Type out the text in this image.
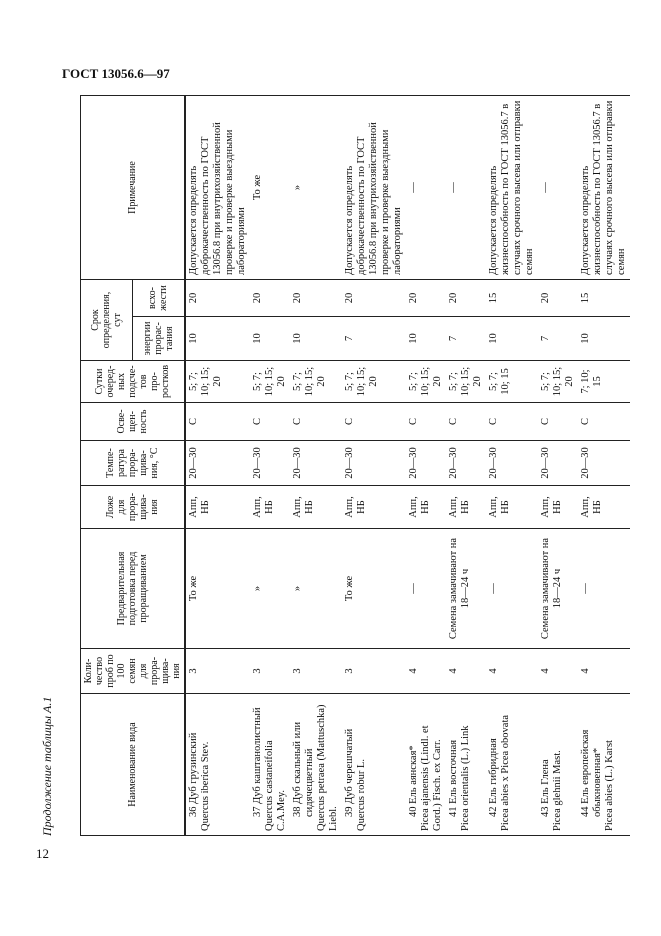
ГОСТ 13056.6—97
Продолжение таблицы А.1
12
Наименование вида	Коли-чество проб по 100 семян для прора-щива-ния	Предварительная подготовка перед проращиванием	Ложе для прора-щива-ния	Темпе-ратура прора-щива-ния, °С	Осве-щен-ность	Сутки очеред-ных подсче-тов про-ростков	Срок определения, сут		Примечание
							энергии прорас-тания	всхо-жести	

36 Дуб грузинский Quercus iberica Stev.	3	То же	Апп, НБ	20—30	С	5; 7; 10; 15; 20	10	20	Допускается определять доброкачественность по ГОСТ 13056.8 при внутрихозяйственной проверке и проверке выездными лабораториями

37 Дуб каштанолистный Quercus castaneifolia C.A.Mey.	3	»	Апп, НБ	20—30	С	5; 7; 10; 15; 20	10	20	То же

38 Дуб скальный или сидячецветный Quercus petraea (Mattuschka) Liebl.	3	»	Апп, НБ	20—30	С	5; 7; 10; 15; 20	10	20	»

39 Дуб черешчатый Quercus robur L.	3	То же	Апп, НБ	20—30	С	5; 7; 10; 15; 20	7	20	Допускается определять доброкачественность по ГОСТ 13056.8 при внутрихозяйственной проверке и проверке выездными лабораториями

40 Ель аянская* Picea ajanensis (Lindl. et Gord.) Fisch. ex Carr.	4	—	Апп, НБ	20—30	С	5; 7; 10; 15; 20	10	20	—

41 Ель восточная Picea orientalis (L.) Link	4	Семена замачивают на 18—24 ч	Апп, НБ	20—30	С	5; 7; 10; 15; 20	7	20	—

42 Ель гибридная Picea abies x Picea obovata	4	—	Апп, НБ	20—30	С	5; 7; 10; 15	10	15	Допускается определять жизнеспособность по ГОСТ 13056.7 в случаях срочного высева или отправки семян

43 Ель Глена Picea glehnii Mast.	4	Семена замачивают на 18—24 ч	Апп, НБ	20—30	С	5; 7; 10; 15; 20	7	20	—

44 Ель европейская обыкновенная* Picea abies (L.) Karst	4	—	Апп, НБ	20—30	С	7; 10; 15	10	15	Допускается определять жизнеспособность по ГОСТ 13056.7 в случаях срочного высева или отправки семян
